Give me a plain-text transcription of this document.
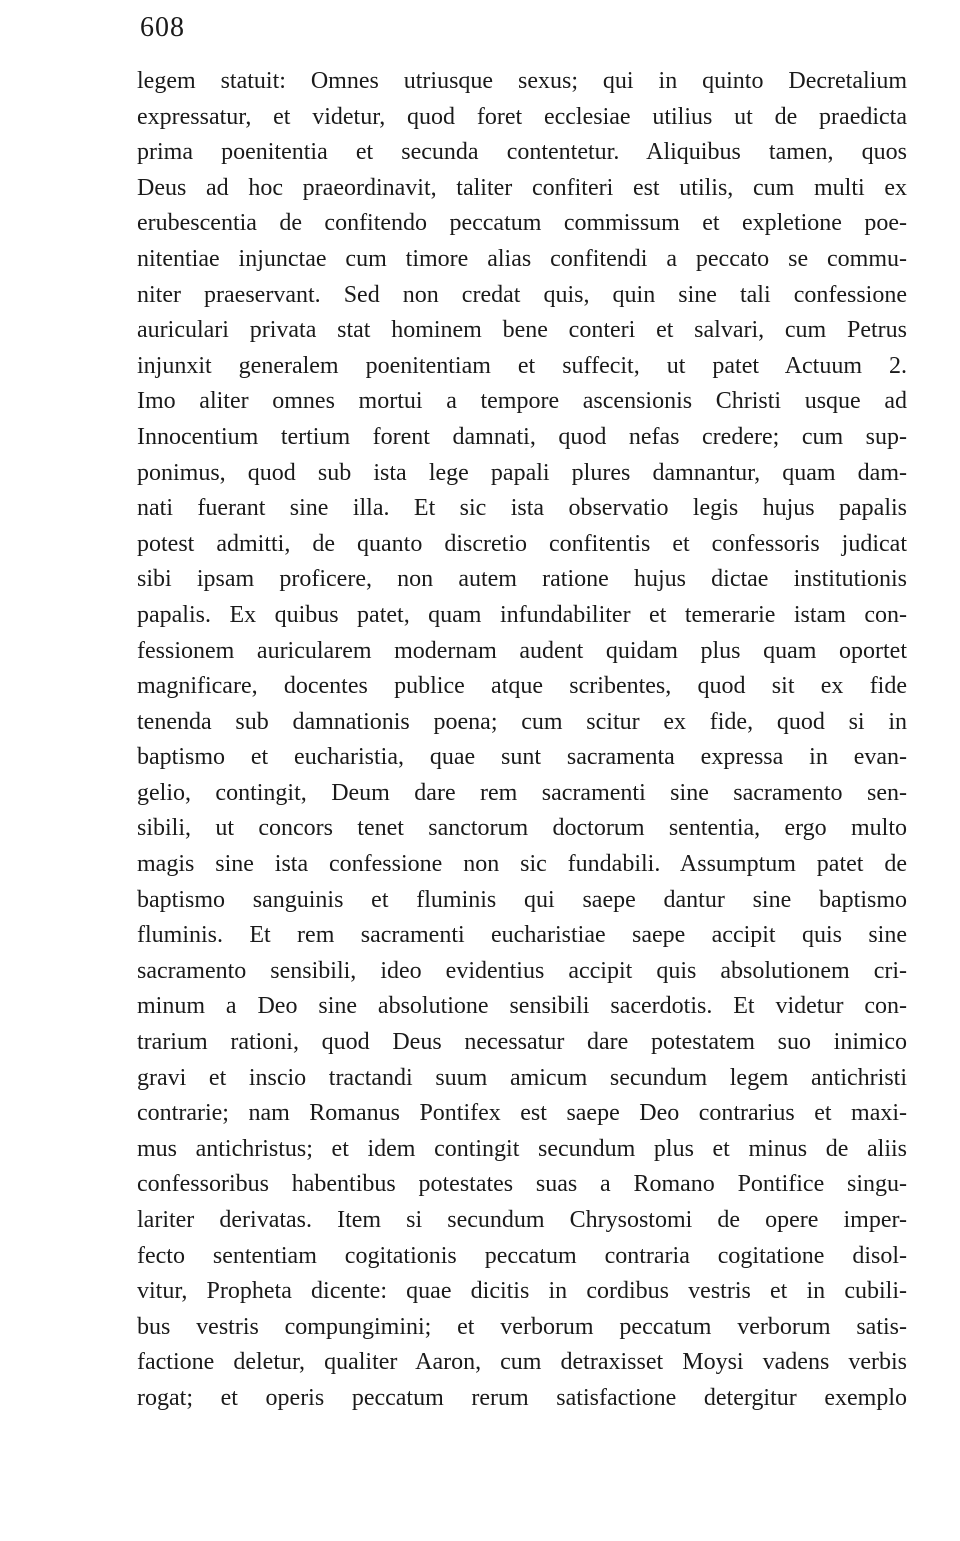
608
legem statuit: Omnes utriusque sexus; qui in quinto Decretalium
expressatur, et videtur, quod foret ecclesiae utilius ut de praedicta
prima poenitentia et secunda contentetur. Aliquibus tamen, quos
Deus ad hoc praeordinavit, taliter confiteri est utilis, cum multi ex
erubescentia de confitendo peccatum commissum et expletione poe-
nitentiae injunctae cum timore alias confitendi a peccato se commu-
niter praeservant. Sed non credat quis, quin sine tali confessione
auriculari privata stat hominem bene conteri et salvari, cum Petrus
injunxit generalem poenitentiam et suffecit, ut patet Actuum 2.
Imo aliter omnes mortui a tempore ascensionis Christi usque ad
Innocentium tertium forent damnati, quod nefas credere; cum sup-
ponimus, quod sub ista lege papali plures damnantur, quam dam-
nati fuerant sine illa. Et sic ista observatio legis hujus papalis
potest admitti, de quanto discretio confitentis et confessoris judicat
sibi ipsam proficere, non autem ratione hujus dictae institutionis
papalis. Ex quibus patet, quam infundabiliter et temerarie istam con-
fessionem auricularem modernam audent quidam plus quam oportet
magnificare, docentes publice atque scribentes, quod sit ex fide
tenenda sub damnationis poena; cum scitur ex fide, quod si in
baptismo et eucharistia, quae sunt sacramenta expressa in evan-
gelio, contingit, Deum dare rem sacramenti sine sacramento sen-
sibili, ut concors tenet sanctorum doctorum sententia, ergo multo
magis sine ista confessione non sic fundabili. Assumptum patet de
baptismo sanguinis et fluminis qui saepe dantur sine baptismo
fluminis. Et rem sacramenti eucharistiae saepe accipit quis sine
sacramento sensibili, ideo evidentius accipit quis absolutionem cri-
minum a Deo sine absolutione sensibili sacerdotis. Et videtur con-
trarium rationi, quod Deus necessatur dare potestatem suo inimico
gravi et inscio tractandi suum amicum secundum legem antichristi
contrarie; nam Romanus Pontifex est saepe Deo contrarius et maxi-
mus antichristus; et idem contingit secundum plus et minus de aliis
confessoribus habentibus potestates suas a Romano Pontifice singu-
lariter derivatas. Item si secundum Chrysostomi de opere imper-
fecto sententiam cogitationis peccatum contraria cogitatione disol-
vitur, Propheta dicente: quae dicitis in cordibus vestris et in cubili-
bus vestris compungimini; et verborum peccatum verborum satis-
factione deletur, qualiter Aaron, cum detraxisset Moysi vadens verbis
rogat; et operis peccatum rerum satisfactione detergitur exemplo
